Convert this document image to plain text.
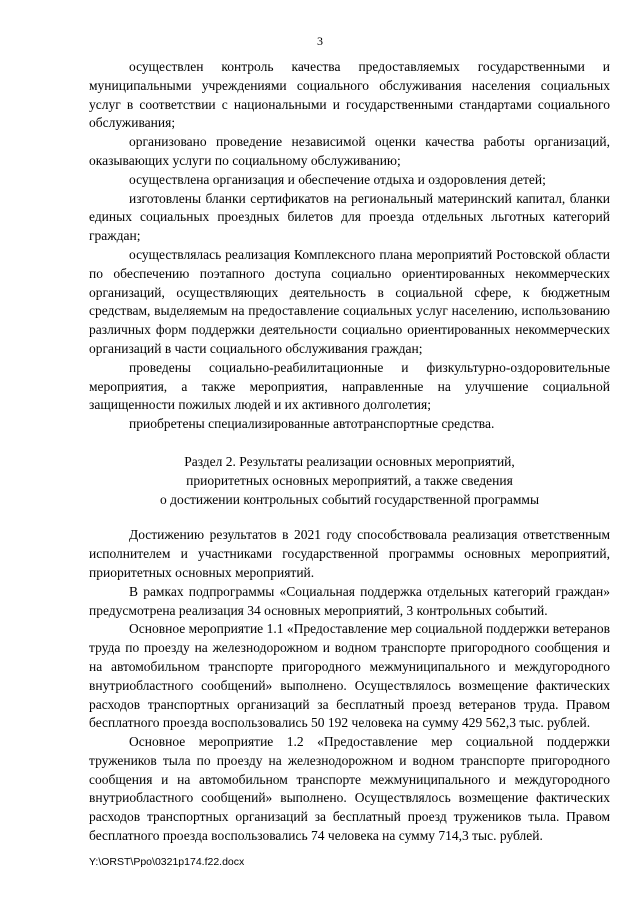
3

осуществлен контроль качества предоставляемых государственными и муниципальными учреждениями социального обслуживания населения социальных услуг в соответствии с национальными и государственными стандартами социального обслуживания;

организовано проведение независимой оценки качества работы организаций, оказывающих услуги по социальному обслуживанию;

осуществлена организация и обеспечение отдыха и оздоровления детей;

изготовлены бланки сертификатов на региональный материнский капитал, бланки единых социальных проездных билетов для проезда отдельных льготных категорий граждан;

осуществлялась реализация Комплексного плана мероприятий Ростовской области по обеспечению поэтапного доступа социально ориентированных некоммерческих организаций, осуществляющих деятельность в социальной сфере, к бюджетным средствам, выделяемым на предоставление социальных услуг населению, использованию различных форм поддержки деятельности социально ориентированных некоммерческих организаций в части социального обслуживания граждан;

проведены социально-реабилитационные и физкультурно-оздоровительные мероприятия, а также мероприятия, направленные на улучшение социальной защищенности пожилых людей и их активного долголетия;

приобретены специализированные автотранспортные средства.

Раздел 2. Результаты реализации основных мероприятий,
приоритетных основных мероприятий, а также сведения
о достижении контрольных событий государственной программы

Достижению результатов в 2021 году способствовала реализация ответственным исполнителем и участниками государственной программы основных мероприятий, приоритетных основных мероприятий.

В рамках подпрограммы «Социальная поддержка отдельных категорий граждан» предусмотрена реализация 34 основных мероприятий, 3 контрольных событий.

Основное мероприятие 1.1 «Предоставление мер социальной поддержки ветеранов труда по проезду на железнодорожном и водном транспорте пригородного сообщения и на автомобильном транспорте пригородного межмуниципального и междугородного внутриобластного сообщений» выполнено. Осуществлялось возмещение фактических расходов транспортных организаций за бесплатный проезд ветеранов труда. Правом бесплатного проезда воспользовались 50 192 человека на сумму 429 562,3 тыс. рублей.

Основное мероприятие 1.2 «Предоставление мер социальной поддержки тружеников тыла по проезду на железнодорожном и водном транспорте пригородного сообщения и на автомобильном транспорте межмуниципального и междугородного внутриобластного сообщений» выполнено. Осуществлялось возмещение фактических расходов транспортных организаций за бесплатный проезд тружеников тыла. Правом бесплатного проезда воспользовались 74 человека на сумму 714,3 тыс. рублей.

Y:\ORST\Ppo\0321p174.f22.docx
